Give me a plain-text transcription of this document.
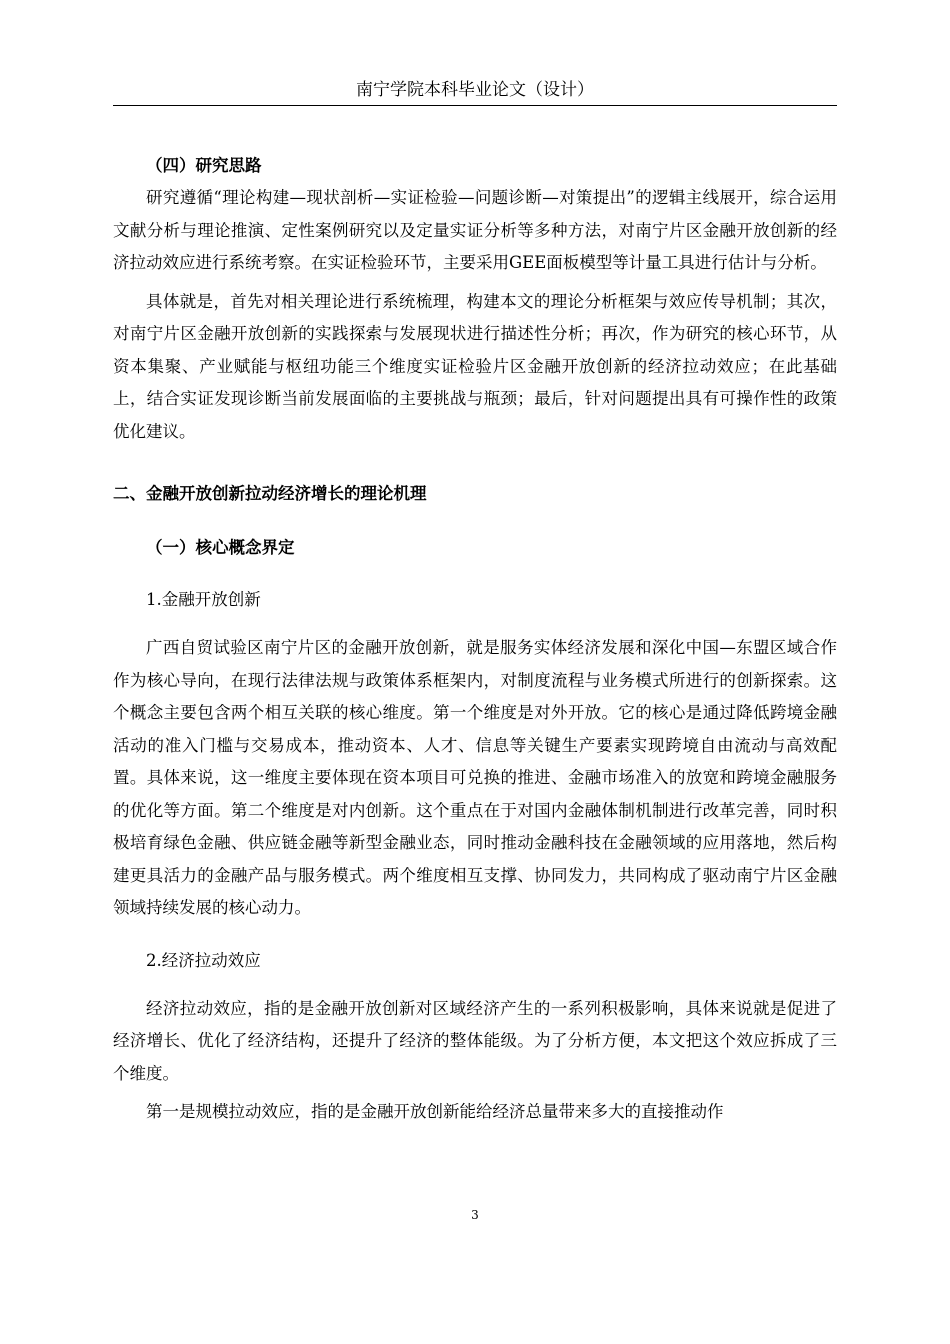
南宁学院本科毕业论文（设计）

（四）研究思路

研究遵循“理论构建—现状剖析—实证检验—问题诊断—对策提出”的逻辑主线展开，综合运用文献分析与理论推演、定性案例研究以及定量实证分析等多种方法，对南宁片区金融开放创新的经济拉动效应进行系统考察。在实证检验环节，主要采用GEE面板模型等计量工具进行估计与分析。

具体就是，首先对相关理论进行系统梳理，构建本文的理论分析框架与效应传导机制；其次，对南宁片区金融开放创新的实践探索与发展现状进行描述性分析；再次，作为研究的核心环节，从资本集聚、产业赋能与枢纽功能三个维度实证检验片区金融开放创新的经济拉动效应；在此基础上，结合实证发现诊断当前发展面临的主要挑战与瓶颈；最后，针对问题提出具有可操作性的政策优化建议。

二、金融开放创新拉动经济增长的理论机理

（一）核心概念界定

1.金融开放创新

广西自贸试验区南宁片区的金融开放创新，就是服务实体经济发展和深化中国—东盟区域合作作为核心导向，在现行法律法规与政策体系框架内，对制度流程与业务模式所进行的创新探索。这个概念主要包含两个相互关联的核心维度。第一个维度是对外开放。它的核心是通过降低跨境金融活动的准入门槛与交易成本，推动资本、人才、信息等关键生产要素实现跨境自由流动与高效配置。具体来说，这一维度主要体现在资本项目可兑换的推进、金融市场准入的放宽和跨境金融服务的优化等方面。第二个维度是对内创新。这个重点在于对国内金融体制机制进行改革完善，同时积极培育绿色金融、供应链金融等新型金融业态，同时推动金融科技在金融领域的应用落地，然后构建更具活力的金融产品与服务模式。两个维度相互支撑、协同发力，共同构成了驱动南宁片区金融领域持续发展的核心动力。

2.经济拉动效应

经济拉动效应，指的是金融开放创新对区域经济产生的一系列积极影响，具体来说就是促进了经济增长、优化了经济结构，还提升了经济的整体能级。为了分析方便，本文把这个效应拆成了三个维度。

第一是规模拉动效应，指的是金融开放创新能给经济总量带来多大的直接推动作

3
